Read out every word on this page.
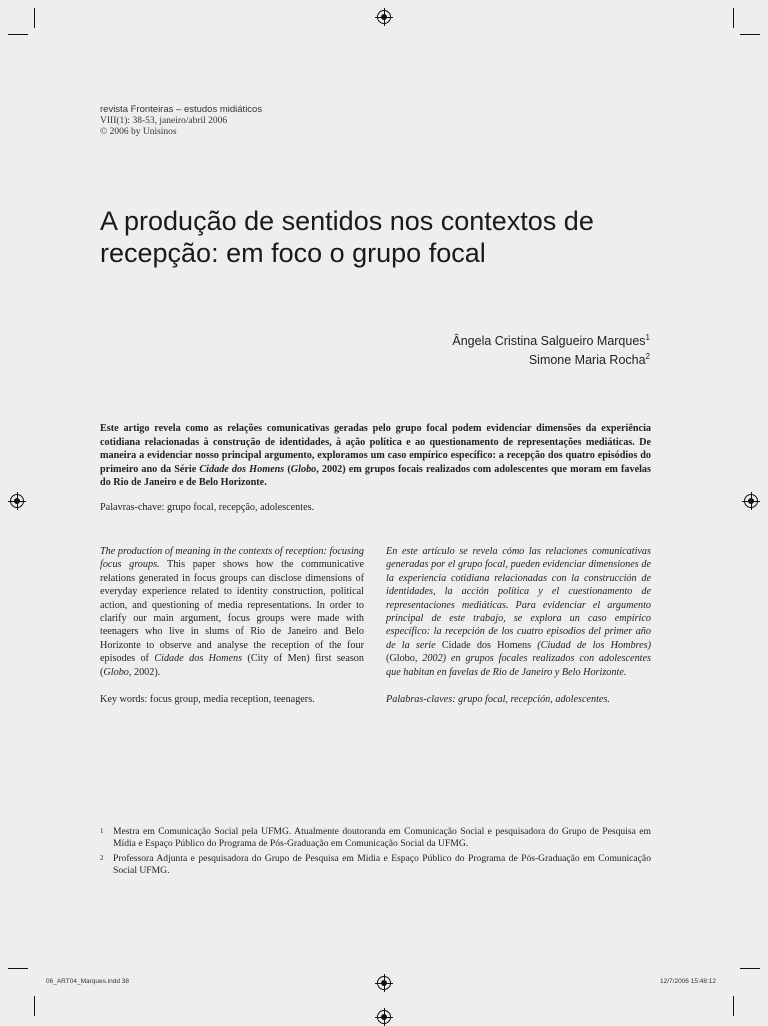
revista Fronteiras – estudos midiáticos
VIII(1): 38-53, janeiro/abril 2006
© 2006 by Unisinos
A produção de sentidos nos contextos de recepção: em foco o grupo focal
Ângela Cristina Salgueiro Marques$^1$
Simone Maria Rocha$^2$
Este artigo revela como as relações comunicativas geradas pelo grupo focal podem evidenciar dimensões da experiência cotidiana relacionadas à construção de identidades, à ação política e ao questionamento de representações mediáticas. De maneira a evidenciar nosso principal argumento, exploramos um caso empírico específico: a recepção dos quatro episódios do primeiro ano da Série Cidade dos Homens (Globo, 2002) em grupos focais realizados com adolescentes que moram em favelas do Rio de Janeiro e de Belo Horizonte.
Palavras-chave: grupo focal, recepção, adolescentes.

The production of meaning in the contexts of reception: focusing focus groups. This paper shows how the communicative relations generated in focus groups can disclose dimensions of everyday experience related to identity construction, political action, and questioning of media representations. In order to clarify our main argument, focus groups were made with teenagers who live in slums of Rio de Janeiro and Belo Horizonte to observe and analyse the reception of the four episodes of Cidade dos Homens (City of Men) first season (Globo, 2002).

Key words: focus group, media reception, teenagers.

En este artículo se revela cómo las relaciones comunicativas generadas por el grupo focal, pueden evidenciar dimensiones de la experiencia cotidiana relacionadas con la construcción de identidades, la acción política y el cuestionamento de representaciones mediáticas. Para evidenciar el argumento principal de este trabajo, se explora un caso empírico específico: la recepción de los cuatro episodios del primer año de la serie Cidade dos Homens (Ciudad de los Hombres) (Globo, 2002) en grupos focales realizados con adolescentes que habitan en favelas de Rio de Janeiro y Belo Horizonte.

Palabras-claves: grupo focal, recepción, adolescentes.

1 Mestra em Comunicação Social pela UFMG. Atualmente doutoranda em Comunicação Social e pesquisadora do Grupo de Pesquisa em Mídia e Espaço Público do Programa de Pós-Graduação em Comunicação Social da UFMG.
2 Professora Adjunta e pesquisadora do Grupo de Pesquisa em Mídia e Espaço Público do Programa de Pós-Graduação em Comunicação Social UFMG.
06_ART04_Marques.indd 38	12/7/2006 15:48:12
